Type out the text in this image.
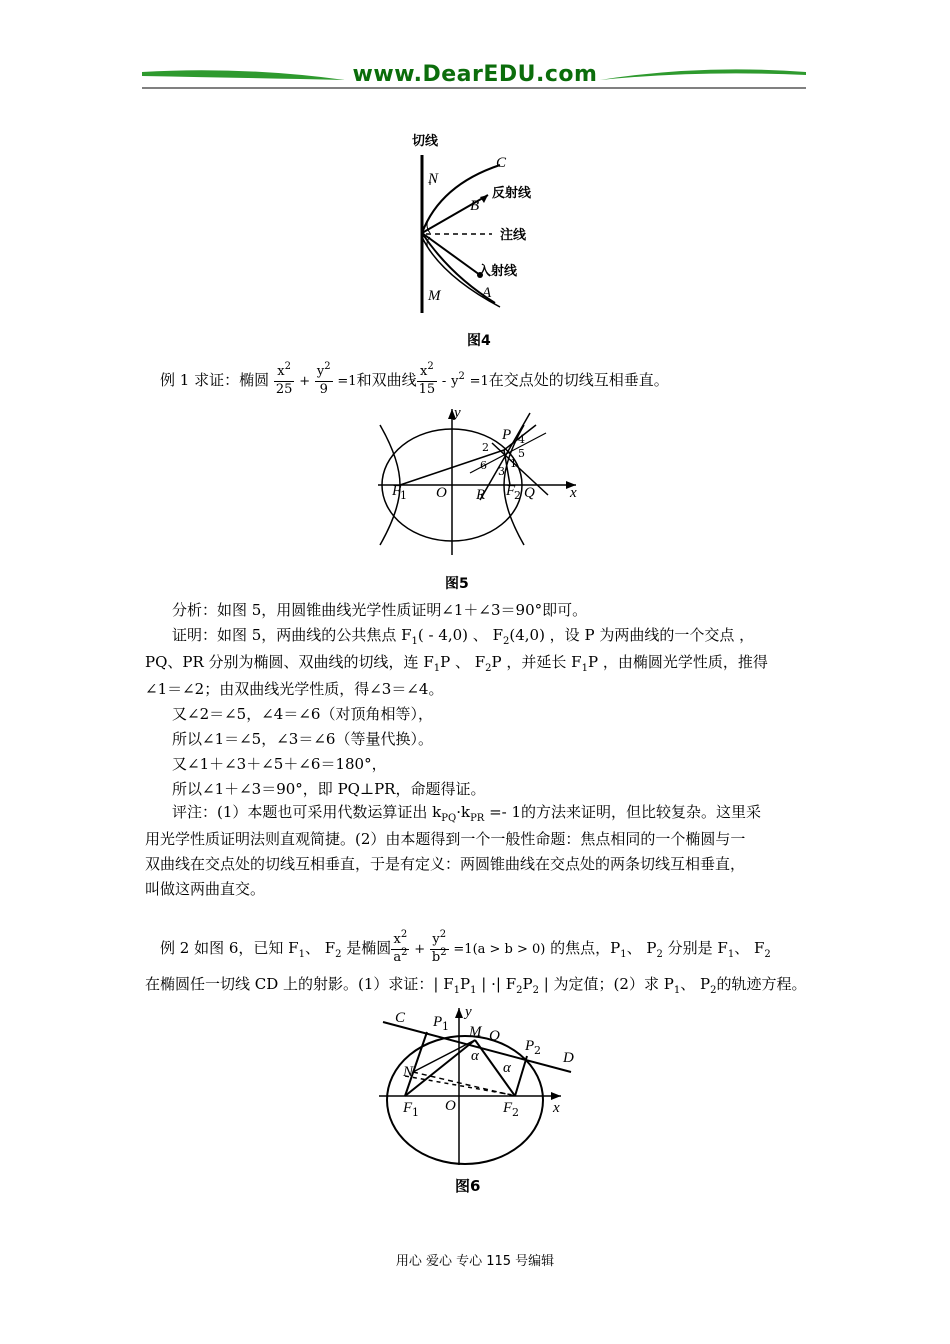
www.DearEDU.com
切线
N
C
反射线
B
注线
入射线
A
M
图4
例 1 求证：椭圆 $\frac{x^2}{25} + \frac{y^2}{9} =1$和双曲线 $\frac{x^2}{15} - y^2 =1$在交点处的切线互相垂直。
y
x
O
F
1	R F
2 Q
P
2
4
5
6 1
3
图5

分析：如图 5，用圆锥曲线光学性质证明∠1＋∠3＝90°即可。

证明：如图 5，两曲线的公共焦点 $F_1( - 4,0)$ 、 $F_2(4,0)$ ，设 P 为两曲线的一个交点 ，

PQ、PR 分别为椭圆、双曲线的切线，连 $F_1P$ 、 $F_2P$ ，并延长 $F_1P$ ，由椭圆光学性质，推得

∠1＝∠2；由双曲线光学性质，得∠3＝∠4。

又∠2＝∠5，∠4＝∠6（对顶角相等），

所以∠1＝∠5，∠3＝∠6（等量代换）。

又∠1＋∠3＋∠5＋∠6＝180°，

所以∠1＋∠3＝90°，即 PQ⊥PR，命题得证。

评注：(1）本题也可采用代数运算证出 $k_{PQ}\cdot k_{PR} =- 1$的方法来证明，但比较复杂。这里采

用光学性质证明法则直观简捷。(2）由本题得到一个一般性命题：焦点相同的一个椭圆与一

双曲线在交点处的切线互相垂直，于是有定义：两圆锥曲线在交点处的两条切线互相垂直，

叫做这两曲直交。

例 2 如图 6，已知 $F_1$、 $F_2$ 是椭圆 $\frac{x^2}{a^2} + \frac{y^2}{b^2} =1(a > b > 0)$ 的焦点，$P_1$、 $P_2$ 分别是 $F_1$、 $F_2$
在椭圆任一切线 CD 上的射影。(1）求证：| $F_1P_1$ | ·| $F_2P_2$ | 为定值；(2）求 $P_1$、 $P_2$的轨迹方程。
C
D
P 1
P 2
M Q
N
F 1	F 2
O	x
y
α
α
图6
用心 爱心 专心 115 号编辑
